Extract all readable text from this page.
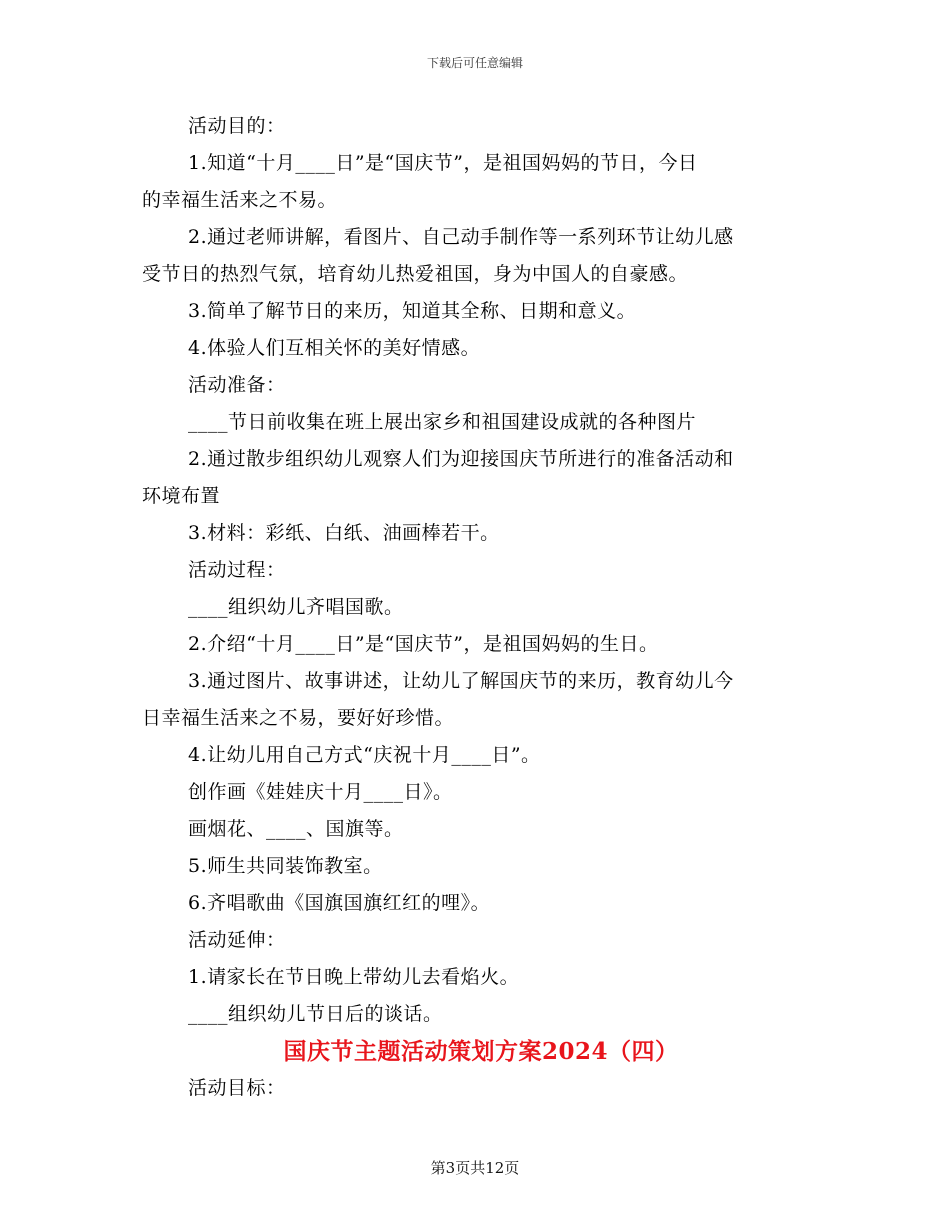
下载后可任意编辑

活动目的：

1.知道“十月____日”是“国庆节”，是祖国妈妈的节日，今日

的幸福生活来之不易。

2.通过老师讲解，看图片、自己动手制作等一系列环节让幼儿感

受节日的热烈气氛，培育幼儿热爱祖国，身为中国人的自豪感。

3.简单了解节日的来历，知道其全称、日期和意义。

4.体验人们互相关怀的美好情感。

活动准备：

____节日前收集在班上展出家乡和祖国建设成就的各种图片

2.通过散步组织幼儿观察人们为迎接国庆节所进行的准备活动和

环境布置

3.材料：彩纸、白纸、油画棒若干。

活动过程：

____组织幼儿齐唱国歌。

2.介绍“十月____日”是“国庆节”，是祖国妈妈的生日。

3.通过图片、故事讲述，让幼儿了解国庆节的来历，教育幼儿今

日幸福生活来之不易，要好好珍惜。

4.让幼儿用自己方式“庆祝十月____日”。

创作画《娃娃庆十月____日》。

画烟花、____、国旗等。

5.师生共同装饰教室。

6.齐唱歌曲《国旗国旗红红的哩》。

活动延伸：

1.请家长在节日晚上带幼儿去看焰火。

____组织幼儿节日后的谈话。

国庆节主题活动策划方案2024（四）

活动目标：

第3页共12页
